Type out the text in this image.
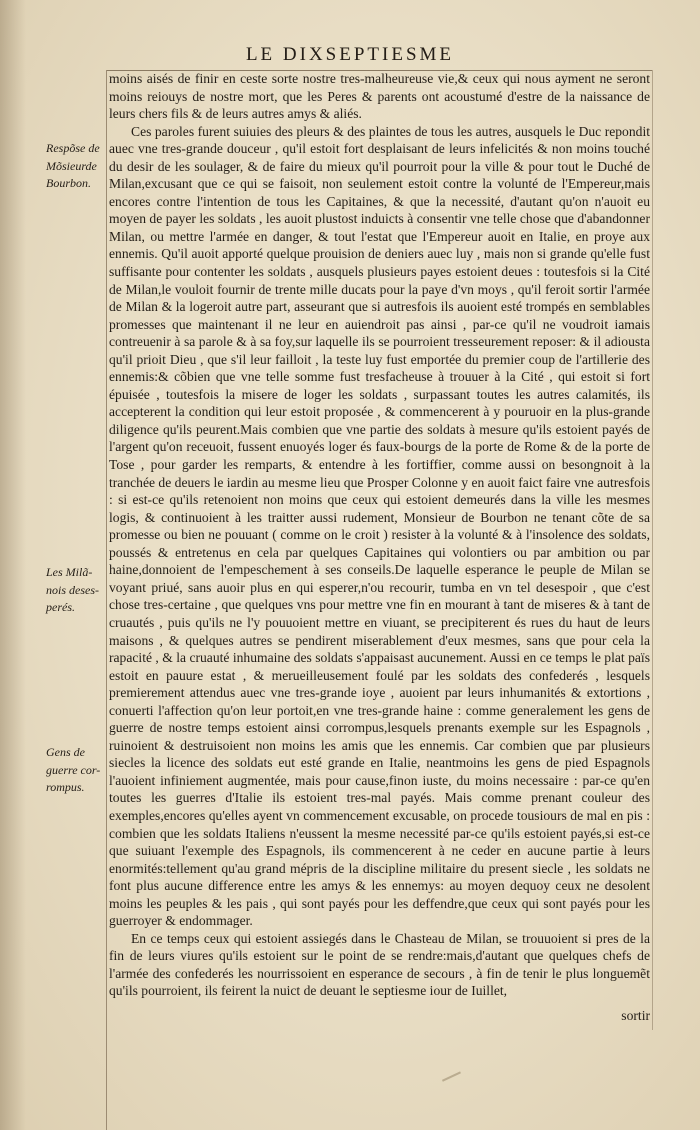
LE DIXSEPTIESME
Respõse de
Mõsieurde
Bourbon.
Les Milã-
nois deses-
perés.
Gens de
guerre cor-
rompus.

moins aisés de finir en ceste sorte nostre tres-malheureuse vie,& ceux qui nous ayment ne seront moins reiouys de nostre mort, que les Peres & parents ont acoustumé d'estre de la naissance de leurs chers fils & de leurs autres amys & aliés.

Ces paroles furent suiuies des pleurs & des plaintes de tous les autres, ausquels le Duc repondit auec vne tres-grande douceur , qu'il estoit fort desplaisant de leurs infelicités & non moins touché du desir de les soulager, & de faire du mieux qu'il pourroit pour la ville & pour tout le Duché de Milan,excusant que ce qui se faisoit, non seulement estoit contre la volunté de l'Empereur,mais encores contre l'intention de tous les Capitaines, & que la necessité, d'autant qu'on n'auoit eu moyen de payer les soldats , les auoit plustost induicts à consentir vne telle chose que d'abandonner Milan, ou mettre l'armée en danger, & tout l'estat que l'Empereur auoit en Italie, en proye aux ennemis. Qu'il auoit apporté quelque prouision de deniers auec luy , mais non si grande qu'elle fust suffisante pour contenter les soldats , ausquels plusieurs payes estoient deues : toutesfois si la Cité de Milan,le vouloit fournir de trente mille ducats pour la paye d'vn moys , qu'il feroit sortir l'armée de Milan & la logeroit autre part, asseurant que si autresfois ils auoient esté trompés en semblables promesses que maintenant il ne leur en auiendroit pas ainsi , par-ce qu'il ne voudroit iamais contreuenir à sa parole & à sa foy,sur laquelle ils se pourroient tresseurement reposer: & il adiousta qu'il prioit Dieu , que s'il leur failloit , la teste luy fust emportée du premier coup de l'artillerie des ennemis:& cõbien que vne telle somme fust tresfacheuse à trouuer à la Cité , qui estoit si fort épuisée , toutesfois la misere de loger les soldats , surpassant toutes les autres calamités, ils accepterent la condition qui leur estoit proposée , & commencerent à y pouruoir en la plus-grande diligence qu'ils peurent.Mais combien que vne partie des soldats à mesure qu'ils estoient payés de l'argent qu'on receuoit, fussent enuoyés loger és faux-bourgs de la porte de Rome & de la porte de Tose , pour garder les remparts, & entendre à les fortiffier, comme aussi on besongnoit à la tranchée de deuers le iardin au mesme lieu que Prosper Colonne y en auoit faict faire vne autresfois : si est-ce qu'ils retenoient non moins que ceux qui estoient demeurés dans la ville les mesmes logis, & continuoient à les traitter aussi rudement, Monsieur de Bourbon ne tenant cõte de sa promesse ou bien ne pouuant ( comme on le croit ) resister à la volunté & à l'insolence des soldats, poussés & entretenus en cela par quelques Capitaines qui volontiers ou par ambition ou par haine,donnoient de l'empeschement à ses conseils.De laquelle esperance le peuple de Milan se voyant priué, sans auoir plus en qui esperer,n'ou recourir, tumba en vn tel desespoir , que c'est chose tres-certaine , que quelques vns pour mettre vne fin en mourant à tant de miseres & à tant de cruautés , puis qu'ils ne l'y pouuoient mettre en viuant, se precipiterent és rues du haut de leurs maisons , & quelques autres se pendirent miserablement d'eux mesmes, sans que pour cela la rapacité , & la cruauté inhumaine des soldats s'appaisast aucunement. Aussi en ce temps le plat païs estoit en pauure estat , & merueilleusement foulé par les soldats des confederés , lesquels premierement attendus auec vne tres-grande ioye , auoient par leurs inhumanités & extortions , conuerti l'affection qu'on leur portoit,en vne tres-grande haine : comme generalement les gens de guerre de nostre temps estoient ainsi corrompus,lesquels prenants exemple sur les Espagnols , ruinoient & destruisoient non moins les amis que les ennemis. Car combien que par plusieurs siecles la licence des soldats eut esté grande en Italie, neantmoins les gens de pied Espagnols l'auoient infiniement augmentée, mais pour cause,finon iuste, du moins necessaire : par-ce qu'en toutes les guerres d'Italie ils estoient tres-mal payés. Mais comme prenant couleur des exemples,encores qu'elles ayent vn commencement excusable, on procede tousiours de mal en pis : combien que les soldats Italiens n'eussent la mesme necessité par-ce qu'ils estoient payés,si est-ce que suiuant l'exemple des Espagnols, ils commencerent à ne ceder en aucune partie à leurs enormités:tellement qu'au grand mépris de la discipline militaire du present siecle , les soldats ne font plus aucune difference entre les amys & les ennemys: au moyen dequoy ceux ne desolent moins les peuples & les pais , qui sont payés pour les deffendre,que ceux qui sont payés pour les guerroyer & endommager.

En ce temps ceux qui estoient assiegés dans le Chasteau de Milan, se trouuoient si pres de la fin de leurs viures qu'ils estoient sur le point de se rendre:mais,d'autant que quelques chefs de l'armée des confederés les nourrissoient en esperance de secours , à fin de tenir le plus longuemẽt qu'ils pourroient, ils feirent la nuict de deuant le septiesme iour de Iuillet,

sortir
